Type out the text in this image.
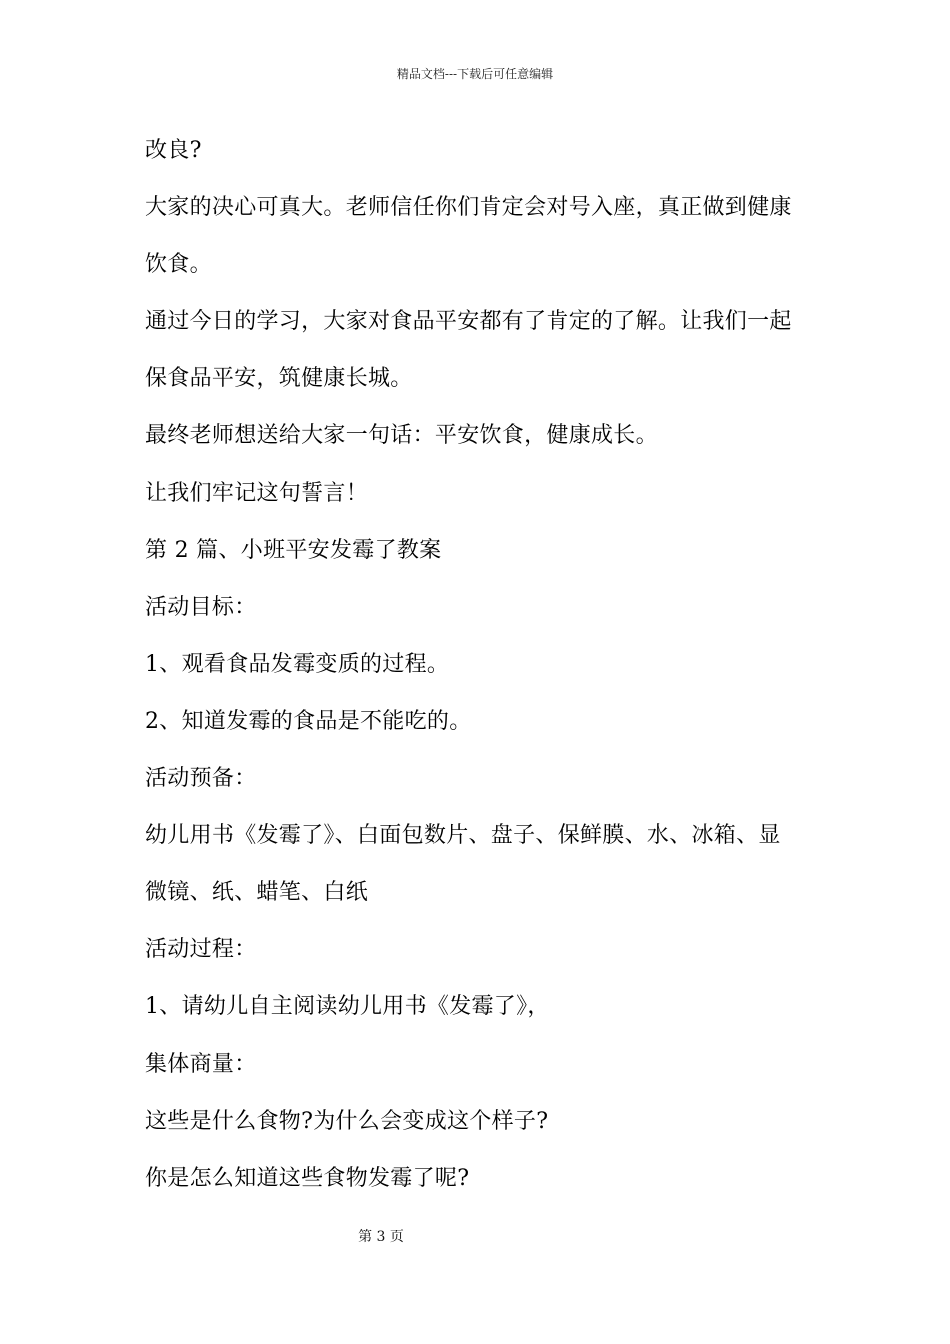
精品文档---下载后可任意编辑
改良?
大家的决心可真大。老师信任你们肯定会对号入座，真正做到健康
饮食。
通过今日的学习，大家对食品平安都有了肯定的了解。让我们一起
保食品平安，筑健康长城。
最终老师想送给大家一句话：平安饮食，健康成长。
让我们牢记这句誓言！
第 2 篇、小班平安发霉了教案
活动目标：
1、观看食品发霉变质的过程。
2、知道发霉的食品是不能吃的。
活动预备：
幼儿用书《发霉了》、白面包数片、盘子、保鲜膜、水、冰箱、显
微镜、纸、蜡笔、白纸
活动过程：
1、请幼儿自主阅读幼儿用书《发霉了》，
集体商量：
这些是什么食物?为什么会变成这个样子?
你是怎么知道这些食物发霉了呢?
第 3 页
